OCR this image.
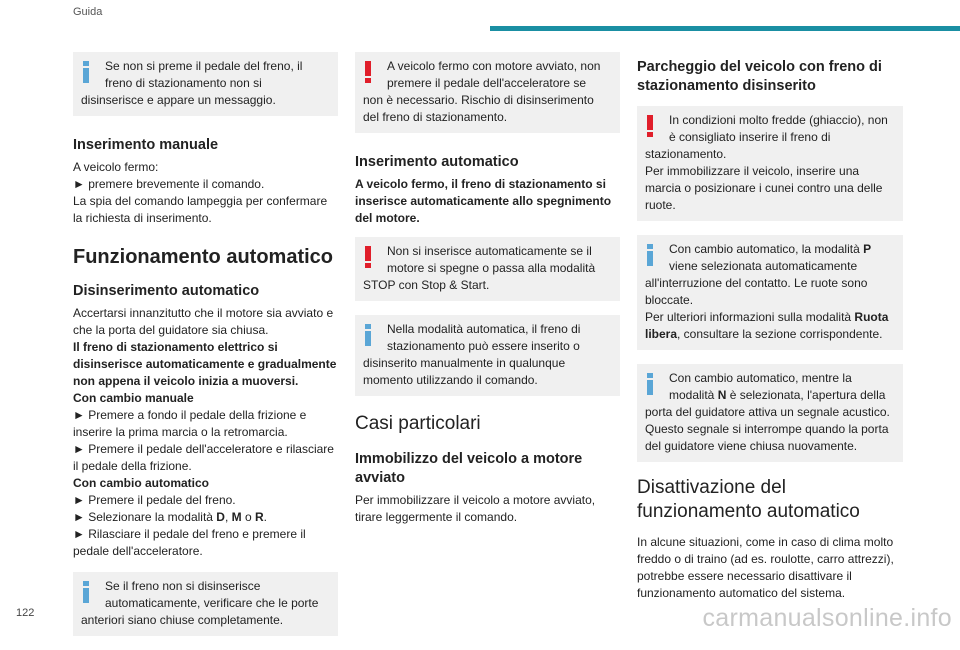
Guida

Se non si preme il pedale del freno, il freno di stazionamento non si
disinserisce e appare un messaggio.

Inserimento manuale

A veicolo fermo:

► premere brevemente il comando.

La spia del comando lampeggia per confermare la richiesta di inserimento.

Funzionamento automatico
Disinserimento automatico

Accertarsi innanzitutto che il motore sia avviato e che la porta del guidatore sia chiusa.

Il freno di stazionamento elettrico si disinserisce automaticamente e gradualmente non appena il veicolo inizia a muoversi.

Con cambio manuale

► Premere a fondo il pedale della frizione e inserire la prima marcia o la retromarcia.

► Premere il pedale dell'acceleratore e rilasciare il pedale della frizione.

Con cambio automatico

► Premere il pedale del freno.

► Selezionare la modalità D, M o R.

► Rilasciare il pedale del freno e premere il pedale dell'acceleratore.

Se il freno non si disinserisce automaticamente, verificare che le porte
anteriori siano chiuse completamente.

A veicolo fermo con motore avviato, non premere il pedale dell'acceleratore se
non è necessario. Rischio di disinserimento del freno di stazionamento.

Inserimento automatico

A veicolo fermo, il freno di stazionamento si inserisce automaticamente allo spegnimento del motore.

Non si inserisce automaticamente se il motore si spegne o passa alla modalità
STOP con Stop & Start.

Nella modalità automatica, il freno di stazionamento può essere inserito o
disinserito manualmente in qualunque momento utilizzando il comando.

Casi particolari
Immobilizzo del veicolo a motore avviato

Per immobilizzare il veicolo a motore avviato, tirare leggermente il comando.

Parcheggio del veicolo con freno di stazionamento disinserito

In condizioni molto fredde (ghiaccio), non è consigliato inserire il freno di
stazionamento.

Per immobilizzare il veicolo, inserire una marcia o posizionare i cunei contro una delle ruote.

Con cambio automatico, la modalità P viene selezionata automaticamente
all'interruzione del contatto. Le ruote sono bloccate.

Per ulteriori informazioni sulla modalità Ruota libera, consultare la sezione corrispondente.

Con cambio automatico, mentre la modalità N è selezionata, l'apertura della
porta del guidatore attiva un segnale acustico. Questo segnale si interrompe quando la porta del guidatore viene chiusa nuovamente.

Disattivazione del funzionamento automatico

In alcune situazioni, come in caso di clima molto freddo o di traino (ad es. roulotte, carro attrezzi), potrebbe essere necessario disattivare il funzionamento automatico del sistema.

122	carmanualsonline.info
